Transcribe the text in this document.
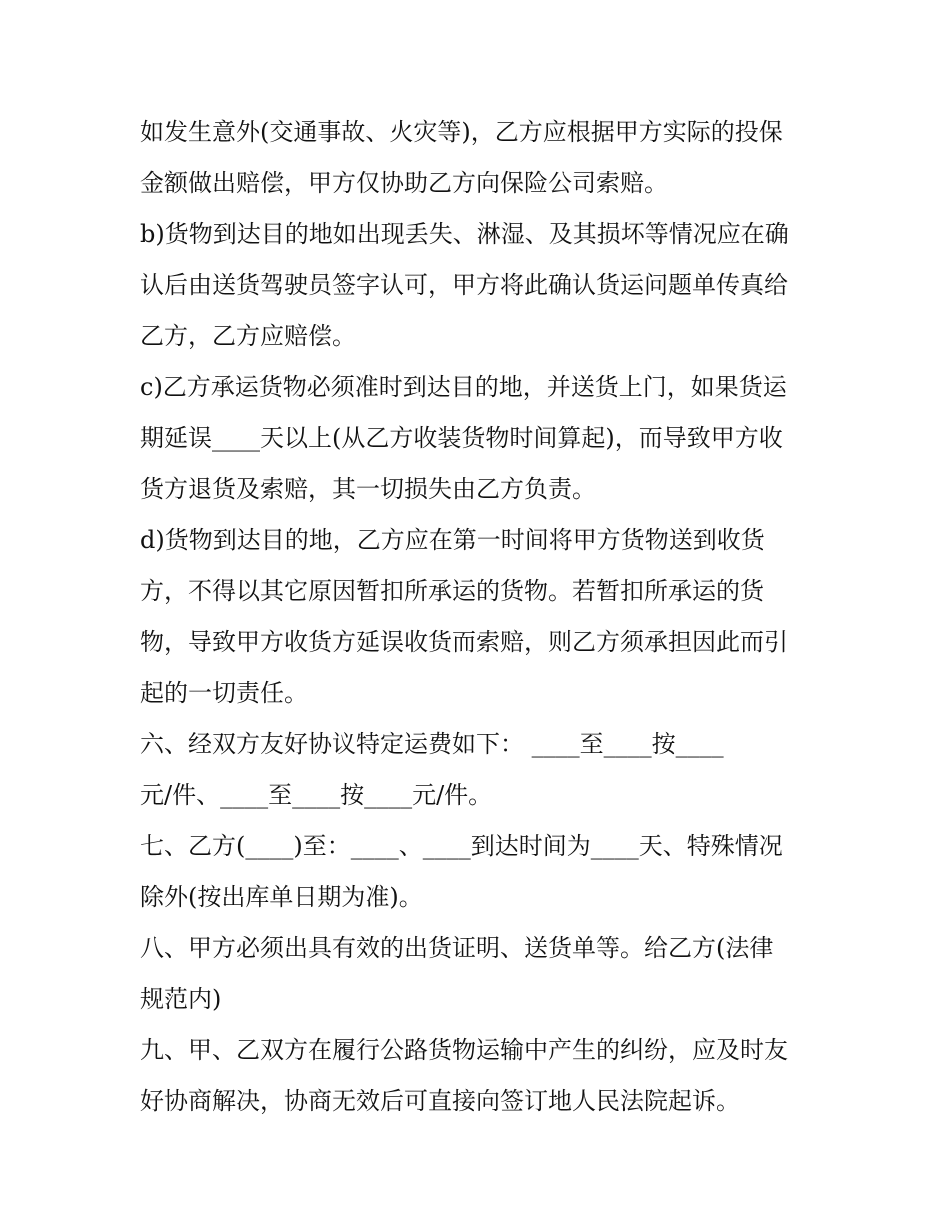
如发生意外(交通事故、火灾等)，乙方应根据甲方实际的投保
金额做出赔偿，甲方仅协助乙方向保险公司索赔。
b)货物到达目的地如出现丢失、淋湿、及其损坏等情况应在确
认后由送货驾驶员签字认可，甲方将此确认货运问题单传真给
乙方，乙方应赔偿。
c)乙方承运货物必须准时到达目的地，并送货上门，如果货运
期延误____天以上(从乙方收装货物时间算起)，而导致甲方收
货方退货及索赔，其一切损失由乙方负责。
d)货物到达目的地，乙方应在第一时间将甲方货物送到收货
方，不得以其它原因暂扣所承运的货物。若暂扣所承运的货
物，导致甲方收货方延误收货而索赔，则乙方须承担因此而引
起的一切责任。
六、经双方友好协议特定运费如下： ____至____按____
元/件、____至____按____元/件。
七、乙方(____)至：____、____到达时间为____天、特殊情况
除外(按出库单日期为准)。
八、甲方必须出具有效的出货证明、送货单等。给乙方(法律
规范内)
九、甲、乙双方在履行公路货物运输中产生的纠纷，应及时友
好协商解决，协商无效后可直接向签订地人民法院起诉。
